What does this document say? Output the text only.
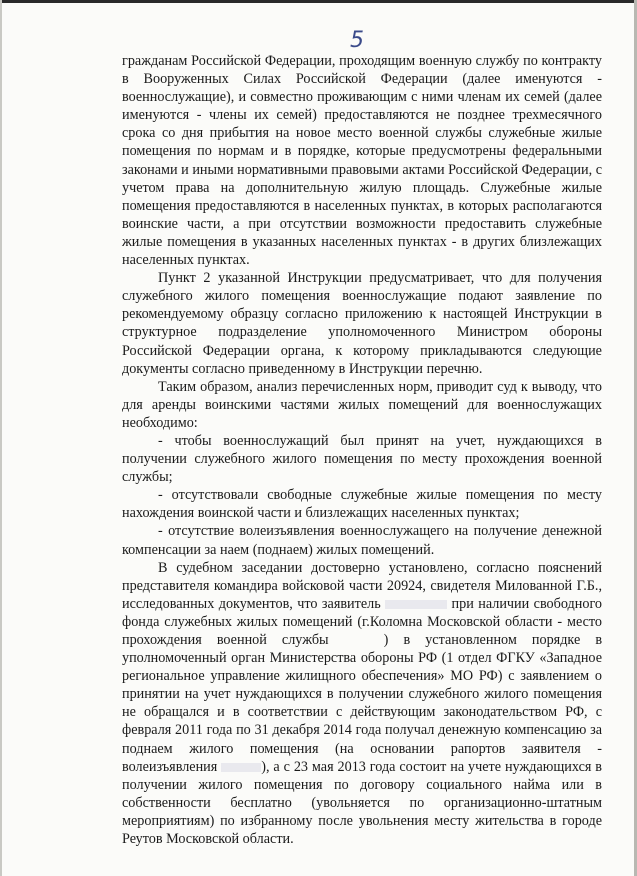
5

гражданам Российской Федерации, проходящим военную службу по контракту в Вооруженных Силах Российской Федерации (далее именуются - военнослужащие), и совместно проживающим с ними членам их семей (далее именуются - члены их семей) предоставляются не позднее трехмесячного срока со дня прибытия на новое место военной службы служебные жилые помещения по нормам и в порядке, которые предусмотрены федеральными законами и иными нормативными правовыми актами Российской Федерации, с учетом права на дополнительную жилую площадь. Служебные жилые помещения предоставляются в населенных пунктах, в которых располагаются воинские части, а при отсутствии возможности предоставить служебные жилые помещения в указанных населенных пунктах - в других близлежащих населенных пунктах.

Пункт 2 указанной Инструкции предусматривает, что для получения служебного жилого помещения военнослужащие подают заявление по рекомендуемому образцу согласно приложению к настоящей Инструкции в структурное подразделение уполномоченного Министром обороны Российской Федерации органа, к которому прикладываются следующие документы согласно приведенному в Инструкции перечню.

Таким образом, анализ перечисленных норм, приводит суд к выводу, что для аренды воинскими частями жилых помещений для военнослужащих необходимо:

- чтобы военнослужащий был принят на учет, нуждающихся в получении служебного жилого помещения по месту прохождения военной службы;

- отсутствовали свободные служебные жилые помещения по месту нахождения воинской части и близлежащих населенных пунктах;

- отсутствие волеизъявления военнослужащего на получение денежной компенсации за наем (поднаем) жилых помещений.

В судебном заседании достоверно установлено, согласно пояснений представителя командира войсковой части 20924, свидетеля Милованной Г.Б., исследованных документов, что заявитель	при наличии свободного фонда служебных жилых помещений (г.Коломна Московской области - место прохождения военной службы	) в установленном порядке в уполномоченный орган Министерства обороны РФ (1 отдел ФГКУ «Западное региональное управление жилищного обеспечения» МО РФ) с заявлением о принятии на учет нуждающихся в получении служебного жилого помещения не обращался и в соответствии с действующим законодательством РФ, с февраля 2011 года по 31 декабря 2014 года получал денежную компенсацию за поднаем жилого помещения (на основании рапортов заявителя - волеизъявления	), а с 23 мая 2013 года состоит на учете нуждающихся в получении жилого помещения по договору социального найма или в собственности бесплатно (увольняется по организационно-штатным мероприятиям) по избранному после увольнения месту жительства в городе Реутов Московской области.
